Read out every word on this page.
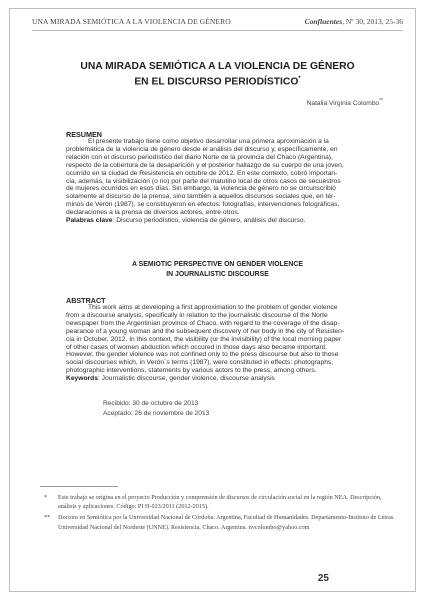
UNA MIRADA SEMIÓTICA A LA VIOLENCIA DE GÉNERO	Confluentes, Nº 30, 2013, 25-36
UNA MIRADA SEMIÓTICA A LA VIOLENCIA DE GÉNERO
EN EL DISCURSO PERIODÍSTICO*
Natalia Virginia Colombo**
RESUMEN
El presente trabajo tiene como objetivo desarrollar una primera aproximación a la
problemática de la violencia de género desde el análisis del discurso y, específicamente, en
relación con el discurso periodístico del diario Norte de la provincia del Chaco (Argentina),
respecto de la cobertura de la desaparición y el posterior hallazgo de su cuerpo de una joven,
ocurrido en la ciudad de Resistencia en octubre de 2012. En este contexto, cobró importan-
cia, además, la visibilización (o no) por parte del matutino local de otros casos de secuestros
de mujeres ocurridos en esos días. Sin embargo, la violencia de género no se circunscribió
solamente al discurso de la prensa, sino también a aquellos discursos sociales que, en tér-
minos de Verón (1987), se constituyeron en efectos: fotografías, intervenciones fotográficas,
declaraciones a la prensa de diversos actores, entre otros.
Palabras clave: Discurso periodístico, violencia de género, análisis del discurso.
A SEMIOTIC PERSPECTIVE ON GENDER VIOLENCE
IN JOURNALISTIC DISCOURSE
ABSTRACT
This work aims at developing a first approximation to the problem of gender violence
from a discourse analysis, specifically in relation to the journalistic discourse of the Norte
newspaper from the Argentinian province of Chaco, with regard to the coverage of the disap-
pearance of a young woman and the subsequent discovery of her body in the city of Resisten-
cia in October, 2012. In this context, the visibility (or the invisibility) of the local morning paper
of other cases of women abduction which occured in those days also became important.
However, the gender violence was not confined only to the press discourse but also to those
social discourses which, in Verón´s terms (1987), were constituted in effects: photographs,
photographic interventions, statements by various actors to the press, among others.
Keywords: Journalistic discourse, gender violence, discourse analysis
Recibido: 30 de octubre de 2013
Aceptado: 26 de noviembre de 2013
* Este trabajo se origina en el proyecto Producción y comprensión de discursos de circulación social en la región NEA. Descripción, análisis y aplicaciones. Código: PI H-023/2011 (2012-2015).
** Doctora en Semiótica por la Universidad Nacional de Córdoba. Argentina, Facultad de Humanidades. Departamento-Instituto de Letras. Universidad Nacional del Nordeste (UNNE). Resistencia, Chaco. Argentina. nvcolombo@yahoo.com
25
